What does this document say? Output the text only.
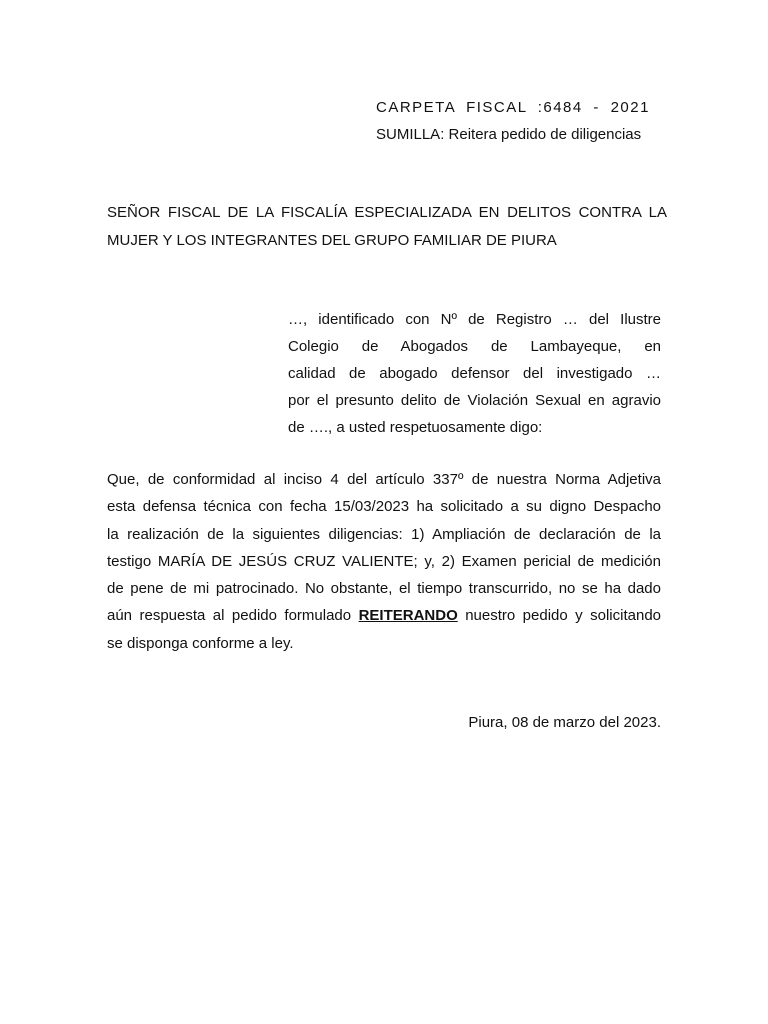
CARPETA FISCAL :6484 - 2021
SUMILLA: Reitera pedido de diligencias
SEÑOR FISCAL DE LA FISCALÍA ESPECIALIZADA EN DELITOS CONTRA LA
MUJER Y LOS INTEGRANTES DEL GRUPO FAMILIAR DE PIURA
…, identificado con Nº de Registro … del Ilustre
Colegio de Abogados de Lambayeque, en
calidad de abogado defensor del investigado …
por el presunto delito de Violación Sexual en agravio
de …., a usted respetuosamente digo:
Que, de conformidad al inciso 4 del artículo 337º de nuestra Norma Adjetiva
esta defensa técnica con fecha 15/03/2023 ha solicitado a su digno Despacho
la realización de la siguientes diligencias: 1) Ampliación de declaración de la
testigo MARÍA DE JESÚS CRUZ VALIENTE; y, 2) Examen pericial de medición
de pene de mi patrocinado. No obstante, el tiempo transcurrido, no se ha dado
aún respuesta al pedido formulado REITERANDO nuestro pedido y solicitando
se disponga conforme a ley.
Piura, 08 de marzo del 2023.
